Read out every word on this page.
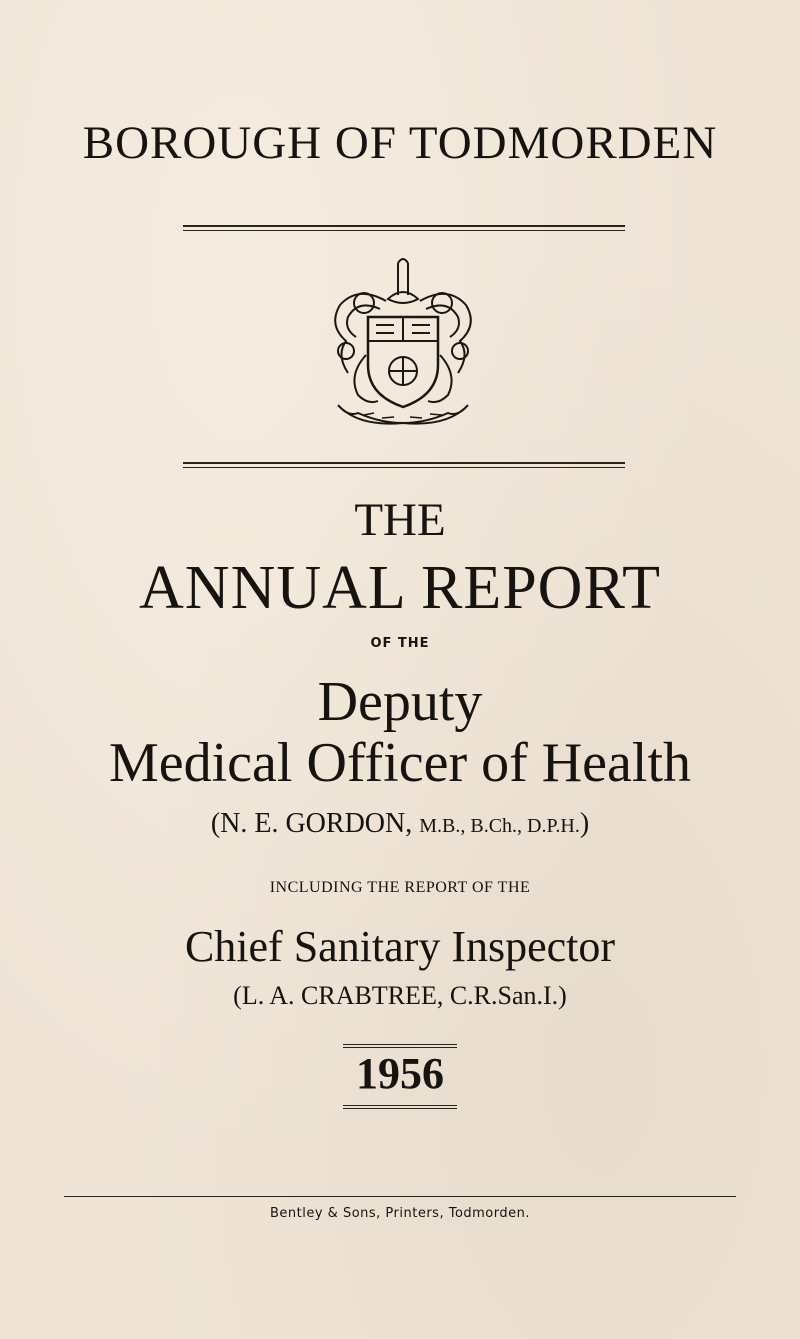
BOROUGH OF TODMORDEN
THE
ANNUAL REPORT
OF THE
Deputy
Medical Officer of Health
(N. E. GORDON, M.B., B.Ch., D.P.H.)
INCLUDING THE REPORT OF THE
Chief Sanitary Inspector
(L. A. CRABTREE, C.R.San.I.)
1956
Bentley & Sons, Printers, Todmorden.
